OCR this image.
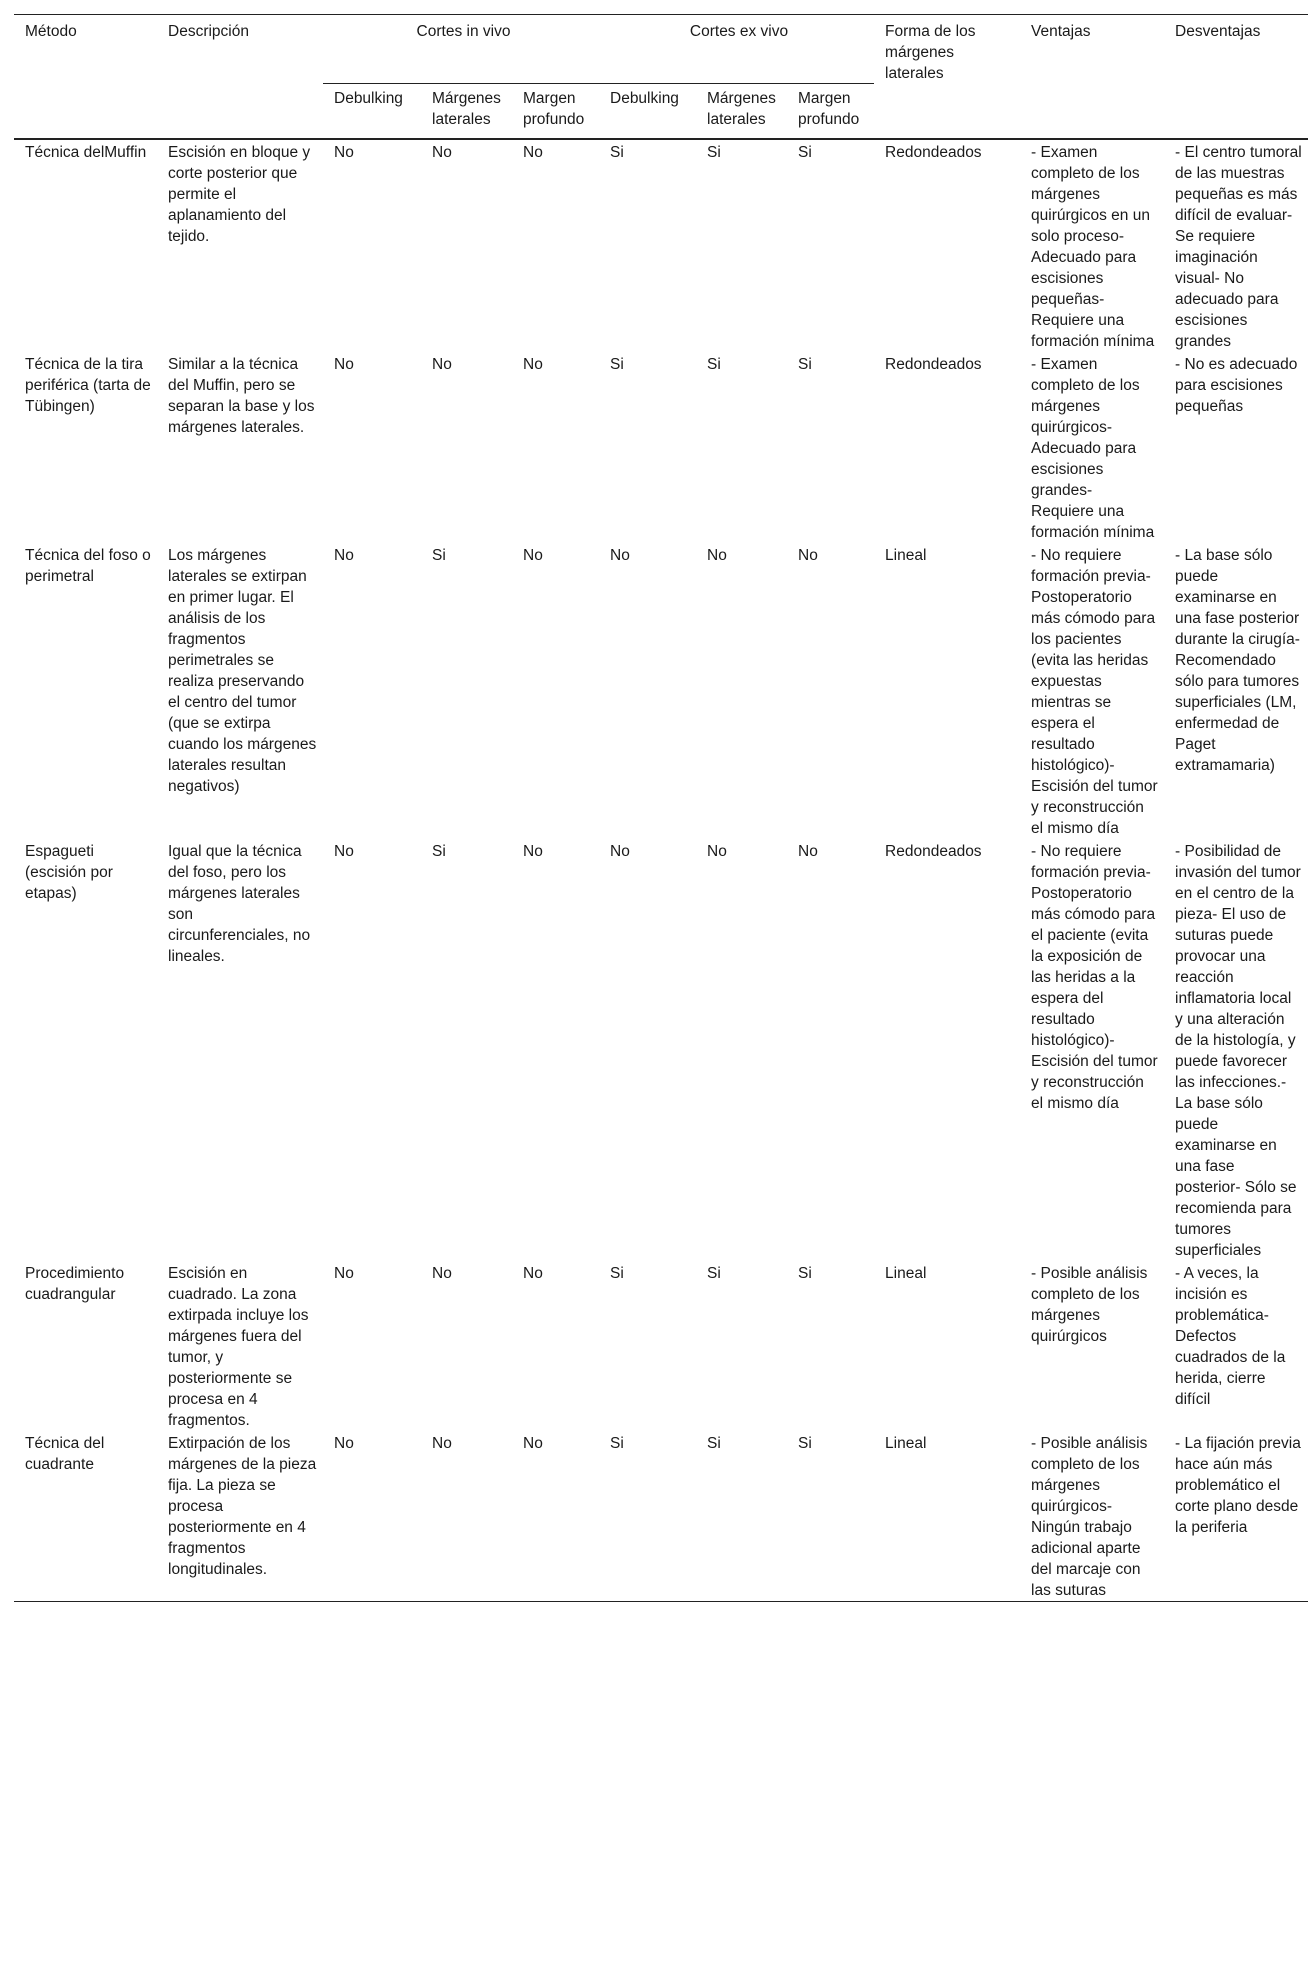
Método	Descripción	Cortes in vivo			Cortes ex vivo			Forma de los márgenes laterales	Ventajas	Desventajas
		Debulking	Márgenes laterales	Margen profundo	Debulking	Márgenes laterales	Margen profundo			
Técnica delMuffin	Escisión en bloque y corte posterior que permite el aplanamiento del tejido.	No	No	No	Si	Si	Si	Redondeados	- Examen completo de los márgenes quirúrgicos en un solo proceso- Adecuado para escisiones pequeñas- Requiere una formación mínima	- El centro tumoral de las muestras pequeñas es más difícil de evaluar- Se requiere imaginación visual- No adecuado para escisiones grandes
Técnica de la tira periférica (tarta de Tübingen)	Similar a la técnica del Muffin, pero se separan la base y los márgenes laterales.	No	No	No	Si	Si	Si	Redondeados	- Examen completo de los márgenes quirúrgicos- Adecuado para escisiones grandes- Requiere una formación mínima	- No es adecuado para escisiones pequeñas
Técnica del foso o perimetral	Los márgenes laterales se extirpan en primer lugar. El análisis de los fragmentos perimetrales se realiza preservando el centro del tumor (que se extirpa cuando los márgenes laterales resultan negativos)	No	Si	No	No	No	No	Lineal	- No requiere formación previa- Postoperatorio más cómodo para los pacientes (evita las heridas expuestas mientras se espera el resultado histológico)- Escisión del tumor y reconstrucción el mismo día	- La base sólo puede examinarse en una fase posterior durante la cirugía- Recomendado sólo para tumores superficiales (LM, enfermedad de Paget extramamaria)
Espagueti (escisión por etapas)	Igual que la técnica del foso, pero los márgenes laterales son circunferenciales, no lineales.	No	Si	No	No	No	No	Redondeados	- No requiere formación previa- Postoperatorio más cómodo para el paciente (evita la exposición de las heridas a la espera del resultado histológico)- Escisión del tumor y reconstrucción el mismo día	- Posibilidad de invasión del tumor en el centro de la pieza- El uso de suturas puede provocar una reacción inflamatoria local y una alteración de la histología, y puede favorecer las infecciones.- La base sólo puede examinarse en una fase posterior- Sólo se recomienda para tumores superficiales
Procedimiento cuadrangular	Escisión en cuadrado. La zona extirpada incluye los márgenes fuera del tumor, y posteriormente se procesa en 4 fragmentos.	No	No	No	Si	Si	Si	Lineal	- Posible análisis completo de los márgenes quirúrgicos	- A veces, la incisión es problemática- Defectos cuadrados de la herida, cierre difícil
Técnica del cuadrante	Extirpación de los márgenes de la pieza fija. La pieza se procesa posteriormente en 4 fragmentos longitudinales.	No	No	No	Si	Si	Si	Lineal	- Posible análisis completo de los márgenes quirúrgicos- Ningún trabajo adicional aparte del marcaje con las suturas	- La fijación previa hace aún más problemático el corte plano desde la periferia
